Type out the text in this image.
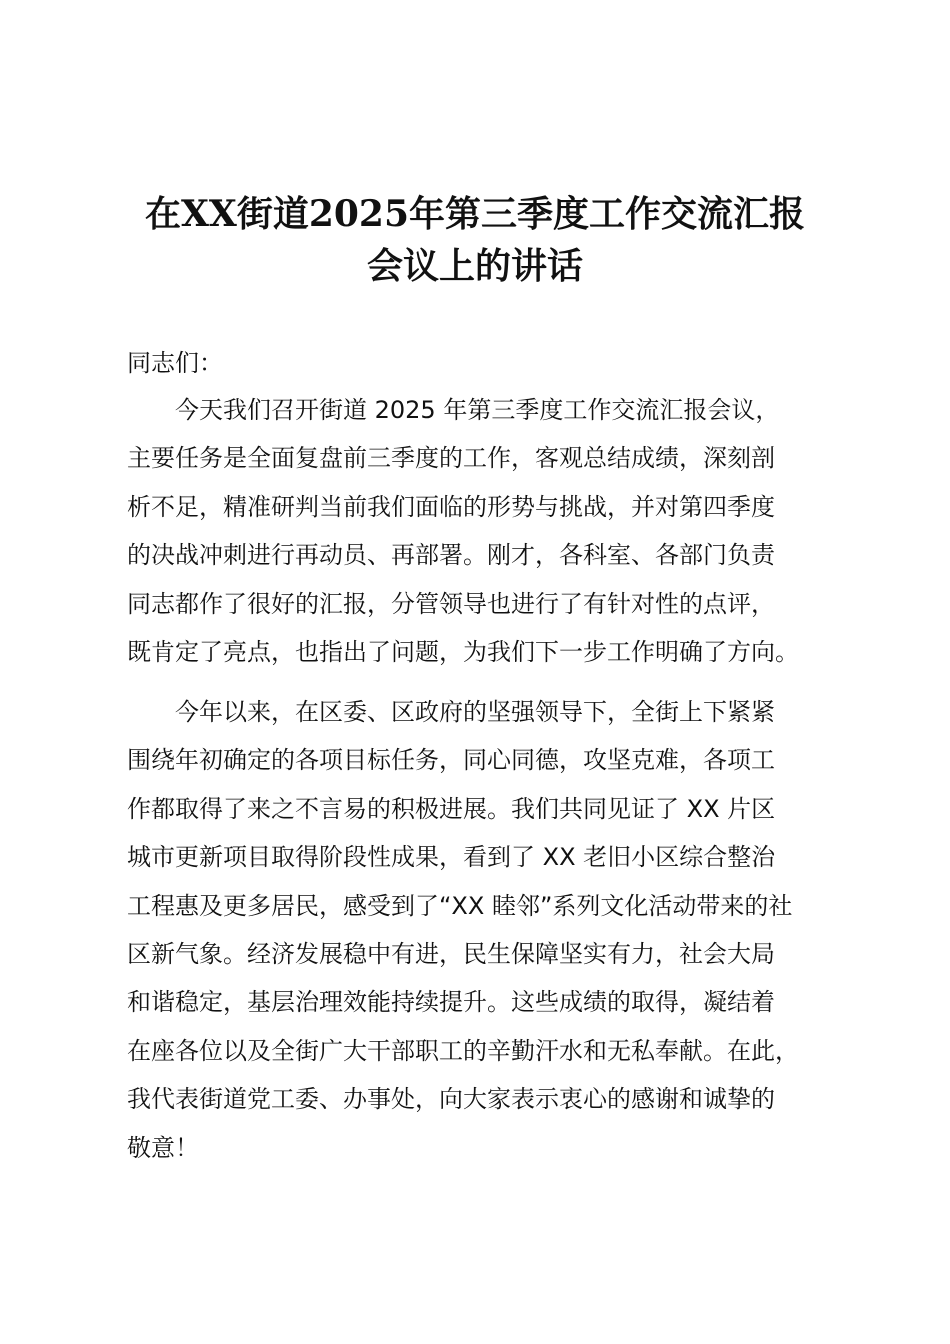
在XX街道2025年第三季度工作交流汇报
会议上的讲话

同志们：

今天我们召开街道 2025 年第三季度工作交流汇报会议，
主要任务是全面复盘前三季度的工作，客观总结成绩，深刻剖
析不足，精准研判当前我们面临的形势与挑战，并对第四季度
的决战冲刺进行再动员、再部署。刚才，各科室、各部门负责
同志都作了很好的汇报，分管领导也进行了有针对性的点评，
既肯定了亮点，也指出了问题，为我们下一步工作明确了方向。
今年以来，在区委、区政府的坚强领导下，全街上下紧紧
围绕年初确定的各项目标任务，同心同德，攻坚克难，各项工
作都取得了来之不言易的积极进展。我们共同见证了 XX 片区
城市更新项目取得阶段性成果，看到了 XX 老旧小区综合整治
工程惠及更多居民，感受到了“XX 睦邻”系列文化活动带来的社
区新气象。经济发展稳中有进，民生保障坚实有力，社会大局
和谐稳定，基层治理效能持续提升。这些成绩的取得，凝结着
在座各位以及全街广大干部职工的辛勤汗水和无私奉献。在此，
我代表街道党工委、办事处，向大家表示衷心的感谢和诚挚的
敬意！
